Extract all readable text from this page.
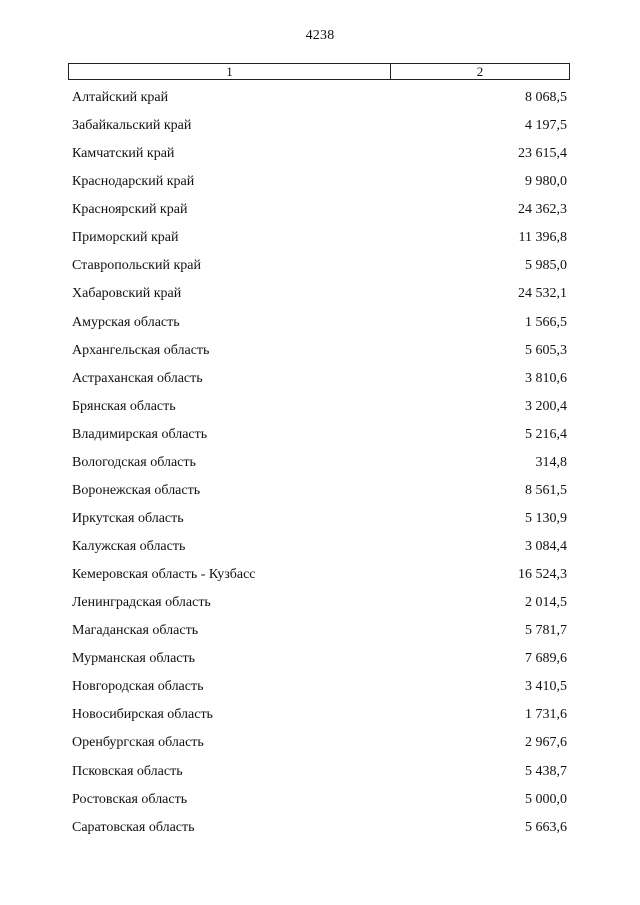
4238
1	2
Алтайский край	8 068,5
Забайкальский край	4 197,5
Камчатский край	23 615,4
Краснодарский край	9 980,0
Красноярский край	24 362,3
Приморский край	11 396,8
Ставропольский край	5 985,0
Хабаровский край	24 532,1
Амурская область	1 566,5
Архангельская область	5 605,3
Астраханская область	3 810,6
Брянская область	3 200,4
Владимирская область	5 216,4
Вологодская область	314,8
Воронежская область	8 561,5
Иркутская область	5 130,9
Калужская область	3 084,4
Кемеровская область - Кузбасс	16 524,3
Ленинградская область	2 014,5
Магаданская область	5 781,7
Мурманская область	7 689,6
Новгородская область	3 410,5
Новосибирская область	1 731,6
Оренбургская область	2 967,6
Псковская область	5 438,7
Ростовская область	5 000,0
Саратовская область	5 663,6
